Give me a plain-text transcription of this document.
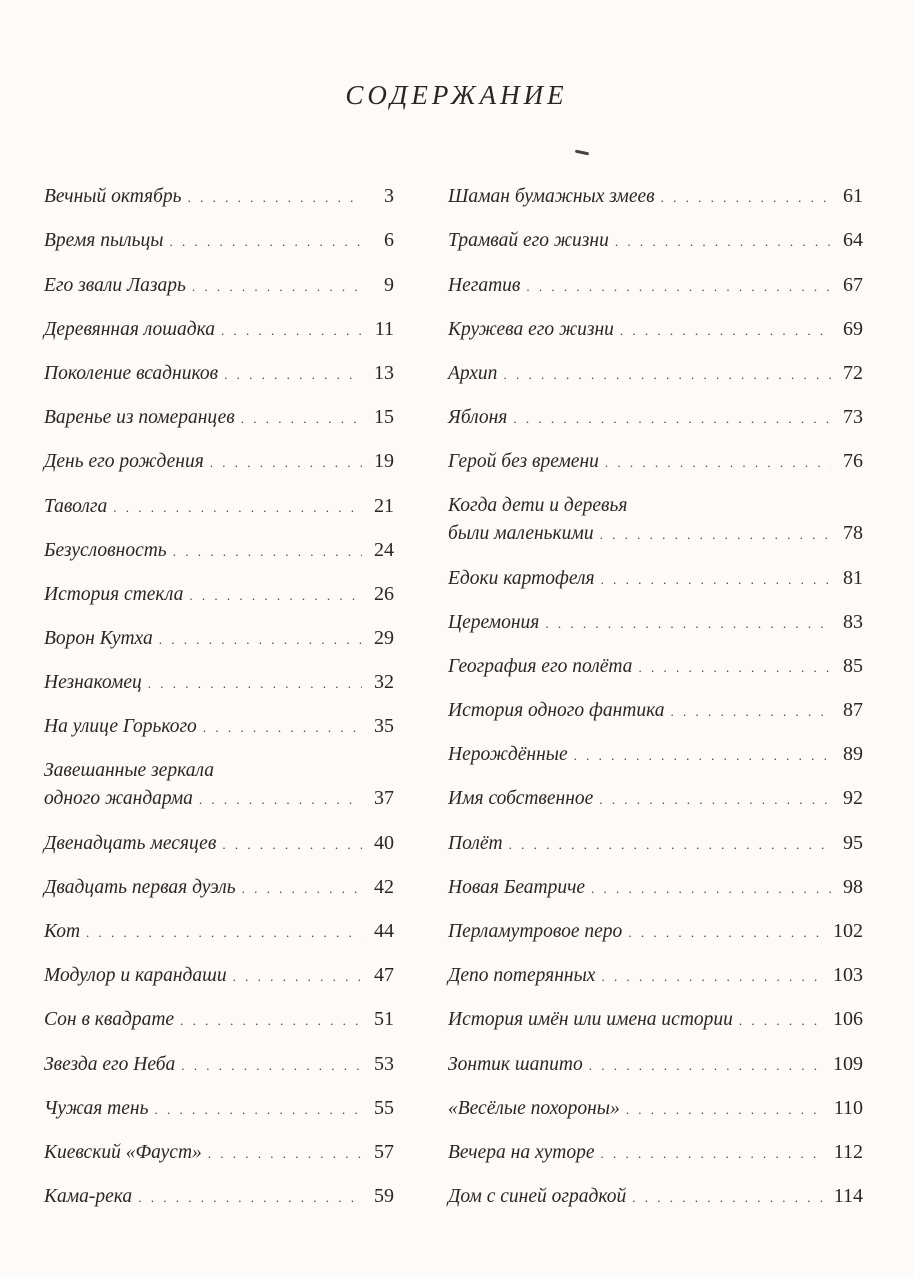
СОДЕРЖАНИЕ
Вечный октябрь . . .	3
Время пыльцы . . .	6
Его звали Лазарь . . .	9
Деревянная лошадка . . .	11
Поколение всадников . . .	13
Варенье из померанцев . . .	15
День его рождения . . .	19
Таволга . . .	21
Безусловность . . .	24
История стекла . . .	26
Ворон Кутха . . .	29
Незнакомец . . .	32
На улице Горького . . .	35
Завешанные зеркала
одного жандарма . . .	37
Двенадцать месяцев . . .	40
Двадцать первая дуэль . . .	42
Кот . . .	44
Модулор и карандаши . . .	47
Сон в квадрате . . .	51
Звезда его Неба . . .	53
Чужая тень . . .	55
Киевский «Фауст» . . .	57
Кама-река . . .	59
Шаман бумажных змеев . . .	61
Трамвай его жизни . . .	64
Негатив . . .	67
Кружева его жизни . . .	69
Архип . . .	72
Яблоня . . .	73
Герой без времени . . .	76
Когда дети и деревья
были маленькими . . .	78
Едоки картофеля . . .	81
Церемония . . .	83
География его полёта . . .	85
История одного фантика . . .	87
Нерождённые . . .	89
Имя собственное . . .	92
Полёт . . .	95
Новая Беатриче . . .	98
Перламутровое перо . . .	102
Депо потерянных . . .	103
История имён или имена истории . . .	106
Зонтик шапито . . .	109
«Весёлые похороны» . . .	110
Вечера на хуторе . . .	112
Дом с синей оградкой . . .	114
